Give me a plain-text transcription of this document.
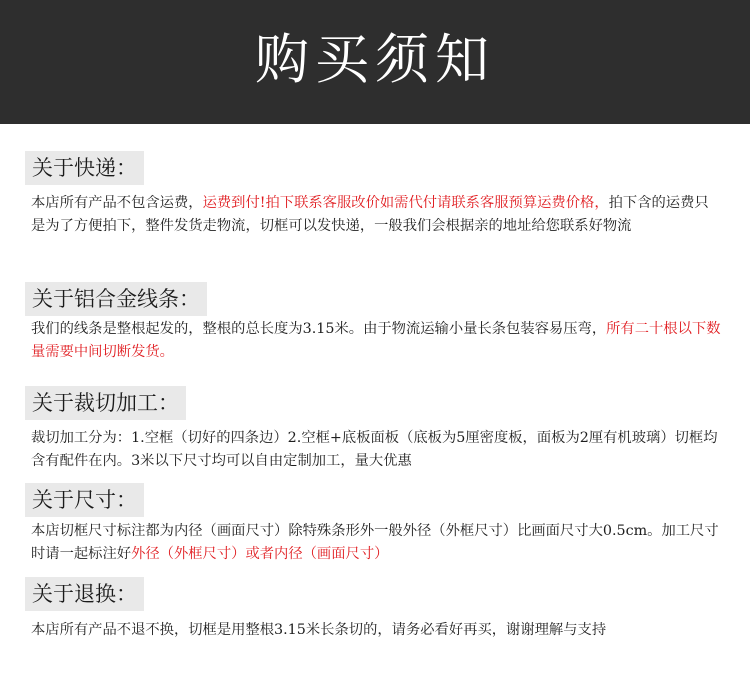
购买须知
关于快递：
本店所有产品不包含运费，运费到付!拍下联系客服改价如需代付请联系客服预算运费价格，拍下含的运费只是为了方便拍下，整件发货走物流，切框可以发快递，一般我们会根据亲的地址给您联系好物流
关于铝合金线条：
我们的线条是整根起发的，整根的总长度为3.15米。由于物流运输小量长条包装容易压弯，所有二十根以下数量需要中间切断发货。
关于裁切加工：
裁切加工分为：1.空框（切好的四条边）2.空框+底板面板（底板为5厘密度板，面板为2厘有机玻璃）切框均含有配件在内。3米以下尺寸均可以自由定制加工，量大优惠
关于尺寸：
本店切框尺寸标注都为内径（画面尺寸）除特殊条形外一般外径（外框尺寸）比画面尺寸大0.5cm。加工尺寸时请一起标注好外径（外框尺寸）或者内径（画面尺寸）
关于退换：
本店所有产品不退不换，切框是用整根3.15米长条切的，请务必看好再买，谢谢理解与支持
